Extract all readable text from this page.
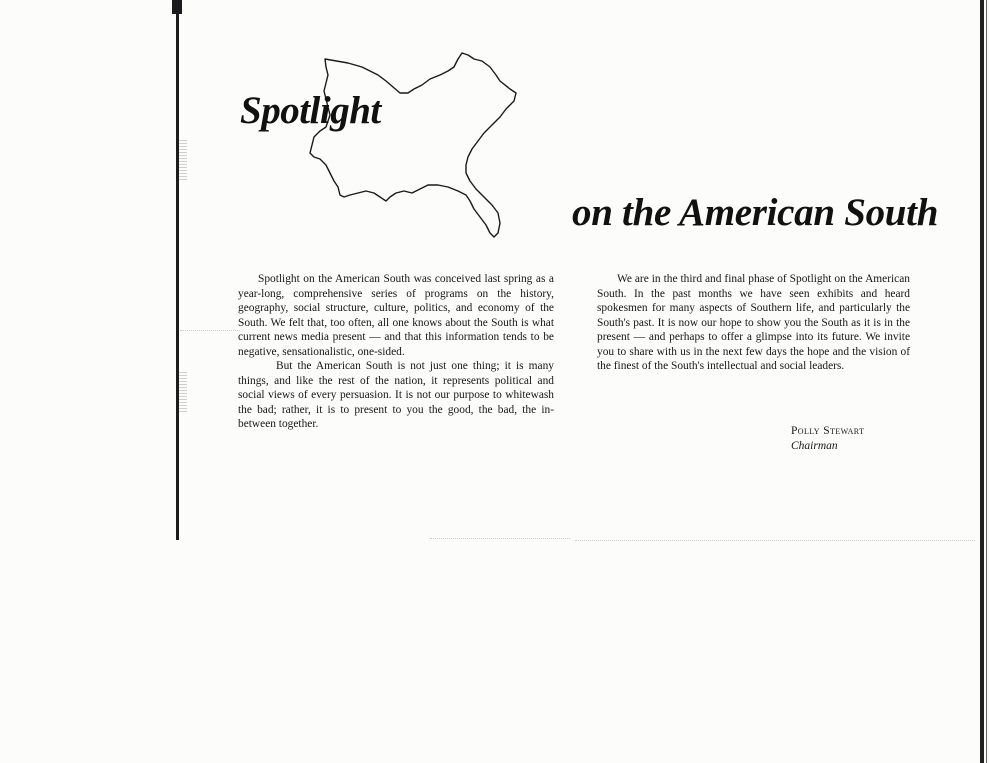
Spotlight
on the American South

Spotlight on the American South was conceived last spring as a year-long, comprehensive series of programs on the history, geography, social structure, culture, politics, and economy of the South. We felt that, too often, all one knows about the South is what current news media present — and that this information tends to be negative, sensationalistic, one-sided.

But the American South is not just one thing; it is many things, and like the rest of the nation, it represents political and social views of every persuasion. It is not our purpose to whitewash the bad; rather, it is to present to you the good, the bad, the in-between together.

We are in the third and final phase of Spotlight on the American South. In the past months we have seen exhibits and heard spokesmen for many aspects of Southern life, and particularly the South's past. It is now our hope to show you the South as it is in the present — and perhaps to offer a glimpse into its future. We invite you to share with us in the next few days the hope and the vision of the finest of the South's intellectual and social leaders.

Polly Stewart
Chairman
